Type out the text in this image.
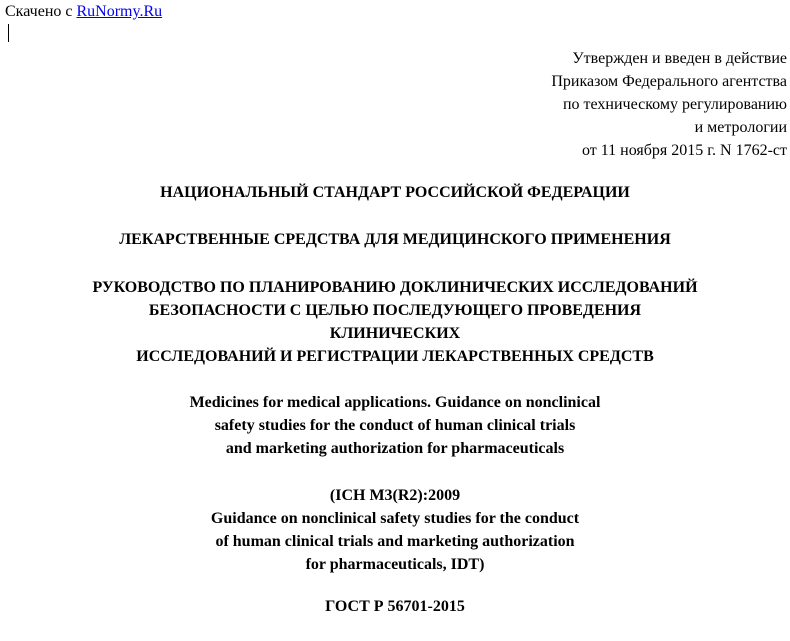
Скачено с RuNormy.Ru
Утвержден и введен в действие
Приказом Федерального агентства
по техническому регулированию
и метрологии
от 11 ноября 2015 г. N 1762-ст
НАЦИОНАЛЬНЫЙ СТАНДАРТ РОССИЙСКОЙ ФЕДЕРАЦИИ
ЛЕКАРСТВЕННЫЕ СРЕДСТВА ДЛЯ МЕДИЦИНСКОГО ПРИМЕНЕНИЯ
РУКОВОДСТВО ПО ПЛАНИРОВАНИЮ ДОКЛИНИЧЕСКИХ ИССЛЕДОВАНИЙ
БЕЗОПАСНОСТИ С ЦЕЛЬЮ ПОСЛЕДУЮЩЕГО ПРОВЕДЕНИЯ
КЛИНИЧЕСКИХ
ИССЛЕДОВАНИЙ И РЕГИСТРАЦИИ ЛЕКАРСТВЕННЫХ СРЕДСТВ
Medicines for medical applications. Guidance on nonclinical
safety studies for the conduct of human clinical trials
and marketing authorization for pharmaceuticals
(ICH M3(R2):2009
Guidance on nonclinical safety studies for the conduct
of human clinical trials and marketing authorization
for pharmaceuticals, IDT)
ГОСТ Р 56701-2015
